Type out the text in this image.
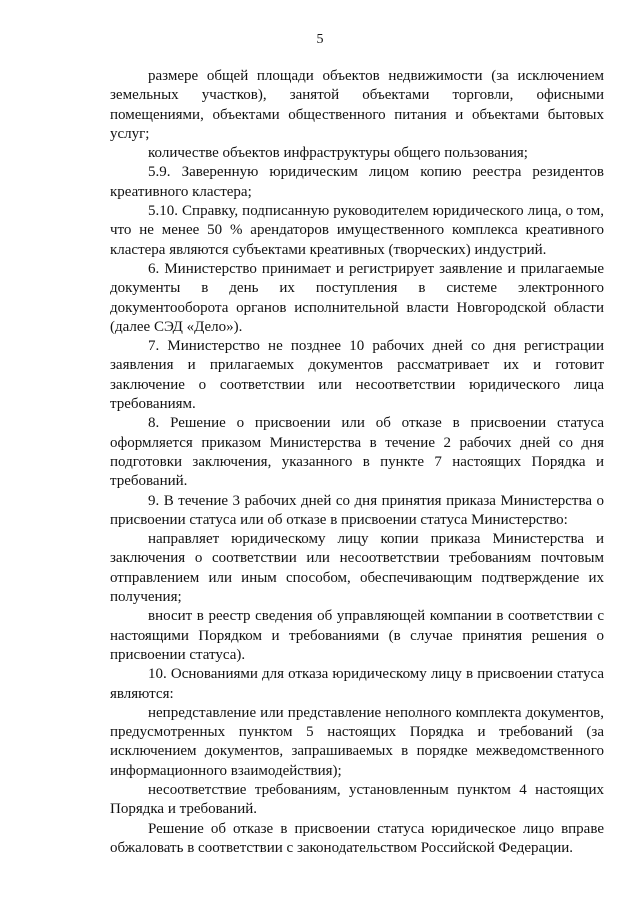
5

размере общей площади объектов недвижимости (за исключением земельных участков), занятой объектами торговли, офисными помещениями, объектами общественного питания и объектами бытовых услуг;

количестве объектов инфраструктуры общего пользования;

5.9. Заверенную юридическим лицом копию реестра резидентов креативного кластера;

5.10. Справку, подписанную руководителем юридического лица, о том, что не менее 50 % арендаторов имущественного комплекса креативного кластера являются субъектами креативных (творческих) индустрий.

6. Министерство принимает и регистрирует заявление и прилагаемые документы в день их поступления в системе электронного документооборота органов исполнительной власти Новгородской области (далее СЭД «Дело»).

7. Министерство не позднее 10 рабочих дней со дня регистрации заявления и прилагаемых документов рассматривает их и готовит заключение о соответствии или несоответствии юридического лица требованиям.

8. Решение о присвоении или об отказе в присвоении статуса оформляется приказом Министерства в течение 2 рабочих дней со дня подготовки заключения, указанного в пункте 7 настоящих Порядка и требований.

9. В течение 3 рабочих дней со дня принятия приказа Министерства о присвоении статуса или об отказе в присвоении статуса Министерство:

направляет юридическому лицу копии приказа Министерства и заключения о соответствии или несоответствии требованиям почтовым отправлением или иным способом, обеспечивающим подтверждение их получения;

вносит в реестр сведения об управляющей компании в соответствии с настоящими Порядком и требованиями (в случае принятия решения о присвоении статуса).

10. Основаниями для отказа юридическому лицу в присвоении статуса являются:

непредставление или представление неполного комплекта документов, предусмотренных пунктом 5 настоящих Порядка и требований (за исключением документов, запрашиваемых в порядке межведомственного информационного взаимодействия);

несоответствие требованиям, установленным пунктом 4 настоящих Порядка и требований.

Решение об отказе в присвоении статуса юридическое лицо вправе обжаловать в соответствии с законодательством Российской Федерации.
